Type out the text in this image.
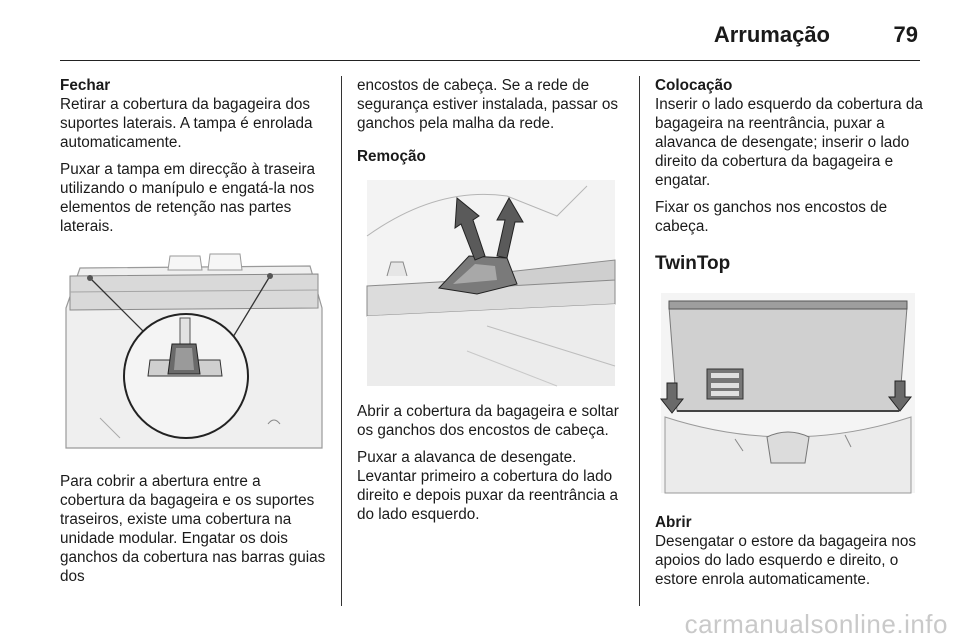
Arrumação	79

Fechar

Retirar a cobertura da bagageira dos suportes laterais. A tampa é enrolada automaticamente.

Puxar a tampa em direcção à traseira utilizando o manípulo e engatá-la nos elementos de retenção nas partes laterais.

Para cobrir a abertura entre a cobertura da bagageira e os suportes traseiros, existe uma cobertura na unidade modular. Engatar os dois ganchos da cobertura nas barras guias dos

encostos de cabeça. Se a rede de segurança estiver instalada, passar os ganchos pela malha da rede.

Remoção

Abrir a cobertura da bagageira e soltar os ganchos dos encostos de cabeça.

Puxar a alavanca de desengate. Levantar primeiro a cobertura do lado direito e depois puxar da reentrância a do lado esquerdo.

Colocação

Inserir o lado esquerdo da cobertura da bagageira na reentrância, puxar a alavanca de desengate; inserir o lado direito da cobertura da bagageira e engatar.

Fixar os ganchos nos encostos de cabeça.

TwinTop

Abrir

Desengatar o estore da bagageira nos apoios do lado esquerdo e direito, o estore enrola automaticamente.

carmanualsonline.info
